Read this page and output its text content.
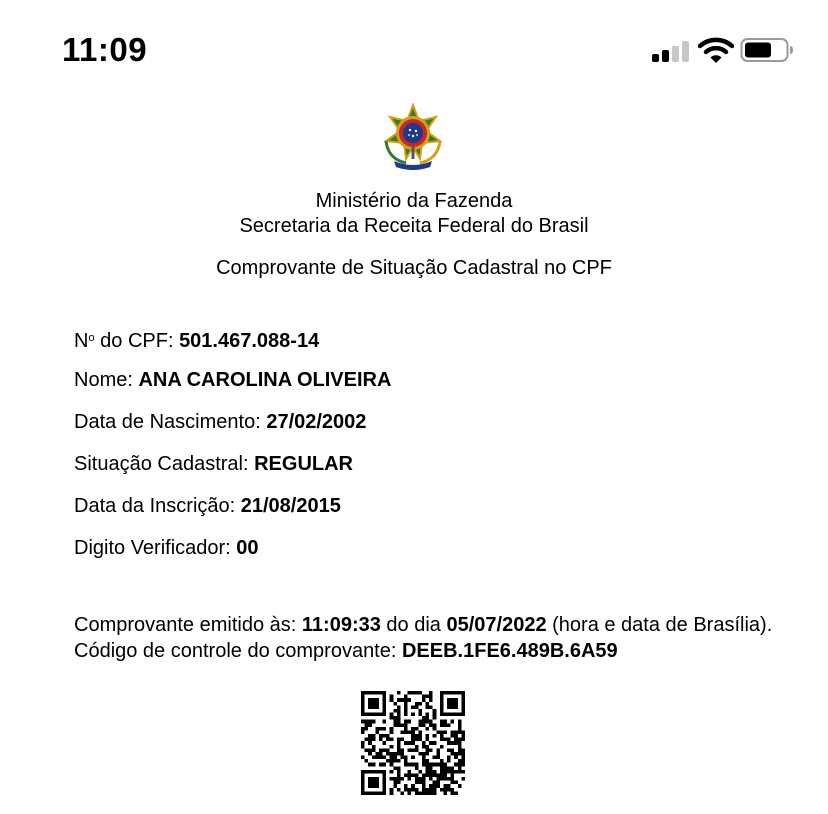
11:09
Ministério da Fazenda
Secretaria da Receita Federal do Brasil
Comprovante de Situação Cadastral no CPF
$N^o$ do CPF: 501.467.088-14
Nome: ANA CAROLINA OLIVEIRA
Data de Nascimento: 27/02/2002
Situação Cadastral: REGULAR
Data da Inscrição: 21/08/2015
Digito Verificador: 00
Comprovante emitido às: 11:09:33 do dia 05/07/2022 (hora e data de Brasília).
Código de controle do comprovante: DEEB.1FE6.489B.6A59
